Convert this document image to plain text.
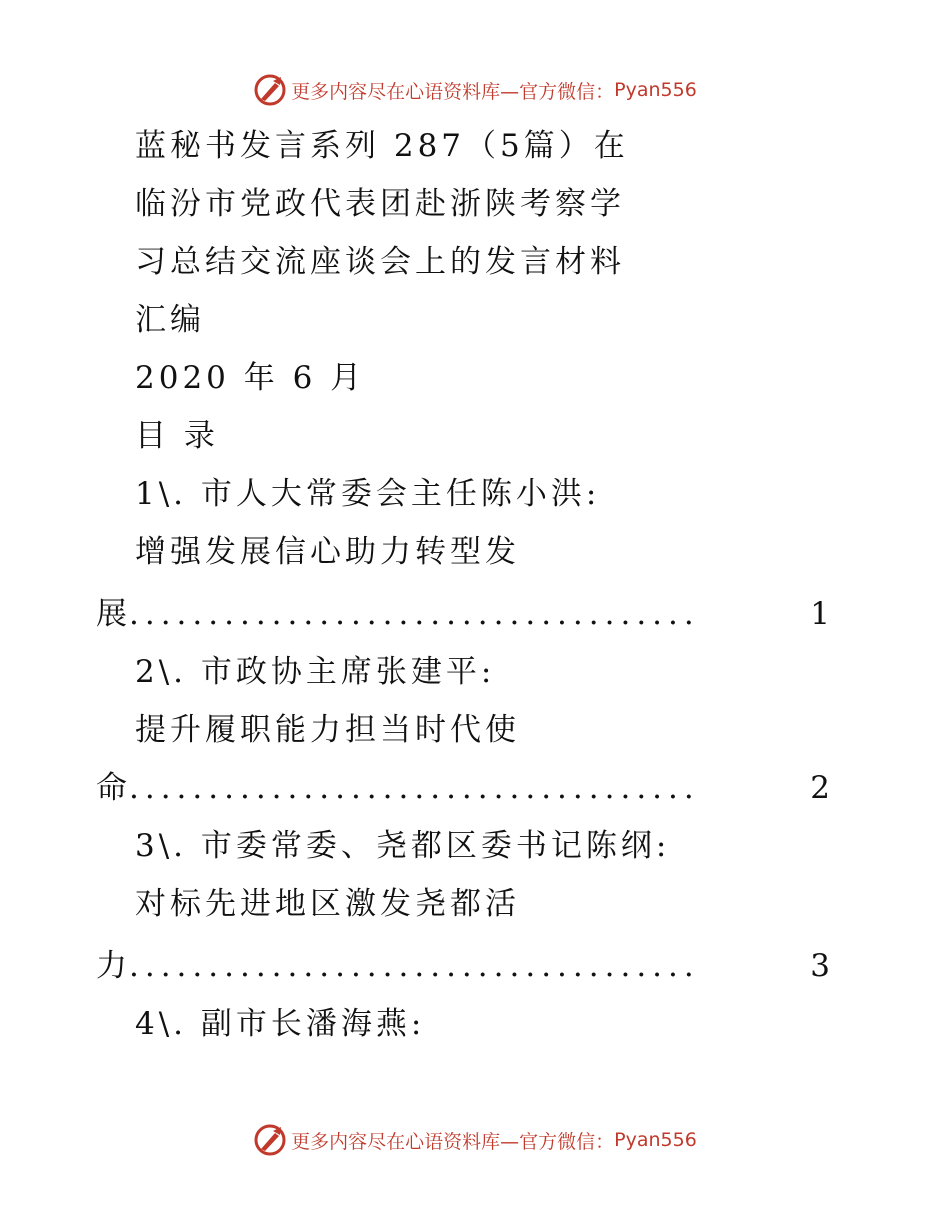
更多内容尽在心语资料库—官方微信： Pyan556
蓝秘书发言系列 287（5篇）在
临汾市党政代表团赴浙陕考察学
习总结交流座谈会上的发言材料
汇编
2020 年 6 月
目 录
1\. 市人大常委会主任陈小洪:
增强发展信心助力转型发
展 ....................................	1
2\. 市政协主席张建平:
提升履职能力担当时代使
命 ....................................	2
3\. 市委常委、尧都区委书记陈纲:
对标先进地区激发尧都活
力 ....................................	3
4\. 副市长潘海燕:
更多内容尽在心语资料库—官方微信： Pyan556
